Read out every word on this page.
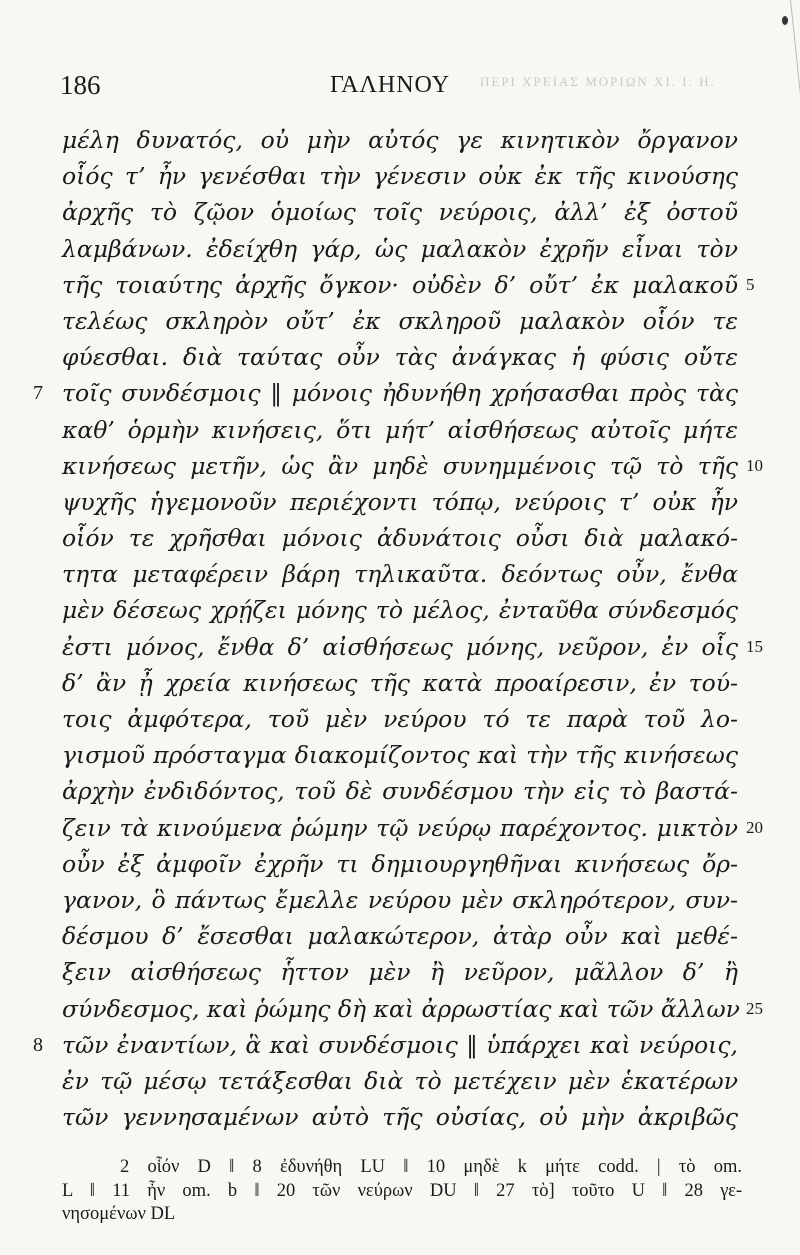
186	ΓΑΛΗΝΟΥ ΠΕΡΙ ΧΡΕΙΑΣ ΜΟΡΙΩΝ ΧΙ. Ι. Η.
μέλη δυνατός, οὐ μὴν αὐτός γε κινητικὸν ὄργανον
οἷός τ’ ἦν γενέσθαι τὴν γένεσιν οὐκ ἐκ τῆς κινούσης
ἀρχῆς τὸ ζῷον ὁμοίως τοῖς νεύροις, ἀλλ’ ἐξ ὀστοῦ
λαμβάνων. ἐδείχθη γάρ, ὡς μαλακὸν ἐχρῆν εἶναι τὸν
τῆς τοιαύτης ἀρχῆς ὄγκον· οὐδὲν δ’ οὔτ’ ἐκ μαλακοῦ 5
τελέως σκληρὸν οὔτ’ ἐκ σκληροῦ μαλακὸν οἷόν τε
φύεσθαι. διὰ ταύτας οὖν τὰς ἀνάγκας ἡ φύσις οὔτε
τοῖς συνδέσμοις ‖ μόνοις ἠδυνήθη χρήσασθαι πρὸς τὰς
7
καθ’ ὁρμὴν κινήσεις, ὅτι μήτ’ αἰσθήσεως αὐτοῖς μήτε
κινήσεως μετῆν, ὡς ἂν μηδὲ συνημμένοις τῷ τὸ τῆς 10
ψυχῆς ἡγεμονοῦν περιέχοντι τόπῳ, νεύροις τ’ οὐκ ἦν
οἷόν τε χρῆσθαι μόνοις ἀδυνάτοις οὖσι διὰ μαλακό-
τητα μεταφέρειν βάρη τηλικαῦτα. δεόντως οὖν, ἔνθα
μὲν δέσεως χρῄζει μόνης τὸ μέλος, ἐνταῦθα σύνδεσμός
ἐστι μόνος, ἔνθα δ’ αἰσθήσεως μόνης, νεῦρον, ἐν οἷς 15
δ’ ἂν ᾖ χρεία κινήσεως τῆς κατὰ προαίρεσιν, ἐν τού-
τοις ἀμφότερα, τοῦ μὲν νεύρου τό τε παρὰ τοῦ λο-
γισμοῦ πρόσταγμα διακομίζοντος καὶ τὴν τῆς κινήσεως
ἀρχὴν ἐνδιδόντος, τοῦ δὲ συνδέσμου τὴν εἰς τὸ βαστά-
ζειν τὰ κινούμενα ῥώμην τῷ νεύρῳ παρέχοντος. μικτὸν 20
οὖν ἐξ ἀμφοῖν ἐχρῆν τι δημιουργηθῆναι κινήσεως ὄρ-
γανον, ὃ πάντως ἔμελλε νεύρου μὲν σκληρότερον, συν-
δέσμου δ’ ἔσεσθαι μαλακώτερον, ἀτὰρ οὖν καὶ μεθέ-
ξειν αἰσθήσεως ἧττον μὲν ἢ νεῦρον, μᾶλλον δ’ ἢ
σύνδεσμος, καὶ ῥώμης δὴ καὶ ἀρρωστίας καὶ τῶν ἄλλων 25
τῶν ἐναντίων, ἃ καὶ συνδέσμοις ‖ ὑπάρχει καὶ νεύροις,
8
ἐν τῷ μέσῳ τετάξεσθαι διὰ τὸ μετέχειν μὲν ἑκατέρων
τῶν γεννησαμένων αὐτὸ τῆς οὐσίας, οὐ μὴν ἀκριβῶς
2 οἷόν D ‖ 8 ἐδυνήθη LU ‖ 10 μηδὲ k μήτε codd. | τὸ om.
L ‖ 11 ἦν om. b ‖ 20 τῶν νεύρων DU ‖ 27 τὸ] τοῦτο U ‖ 28 γε-
νησομένων DL
